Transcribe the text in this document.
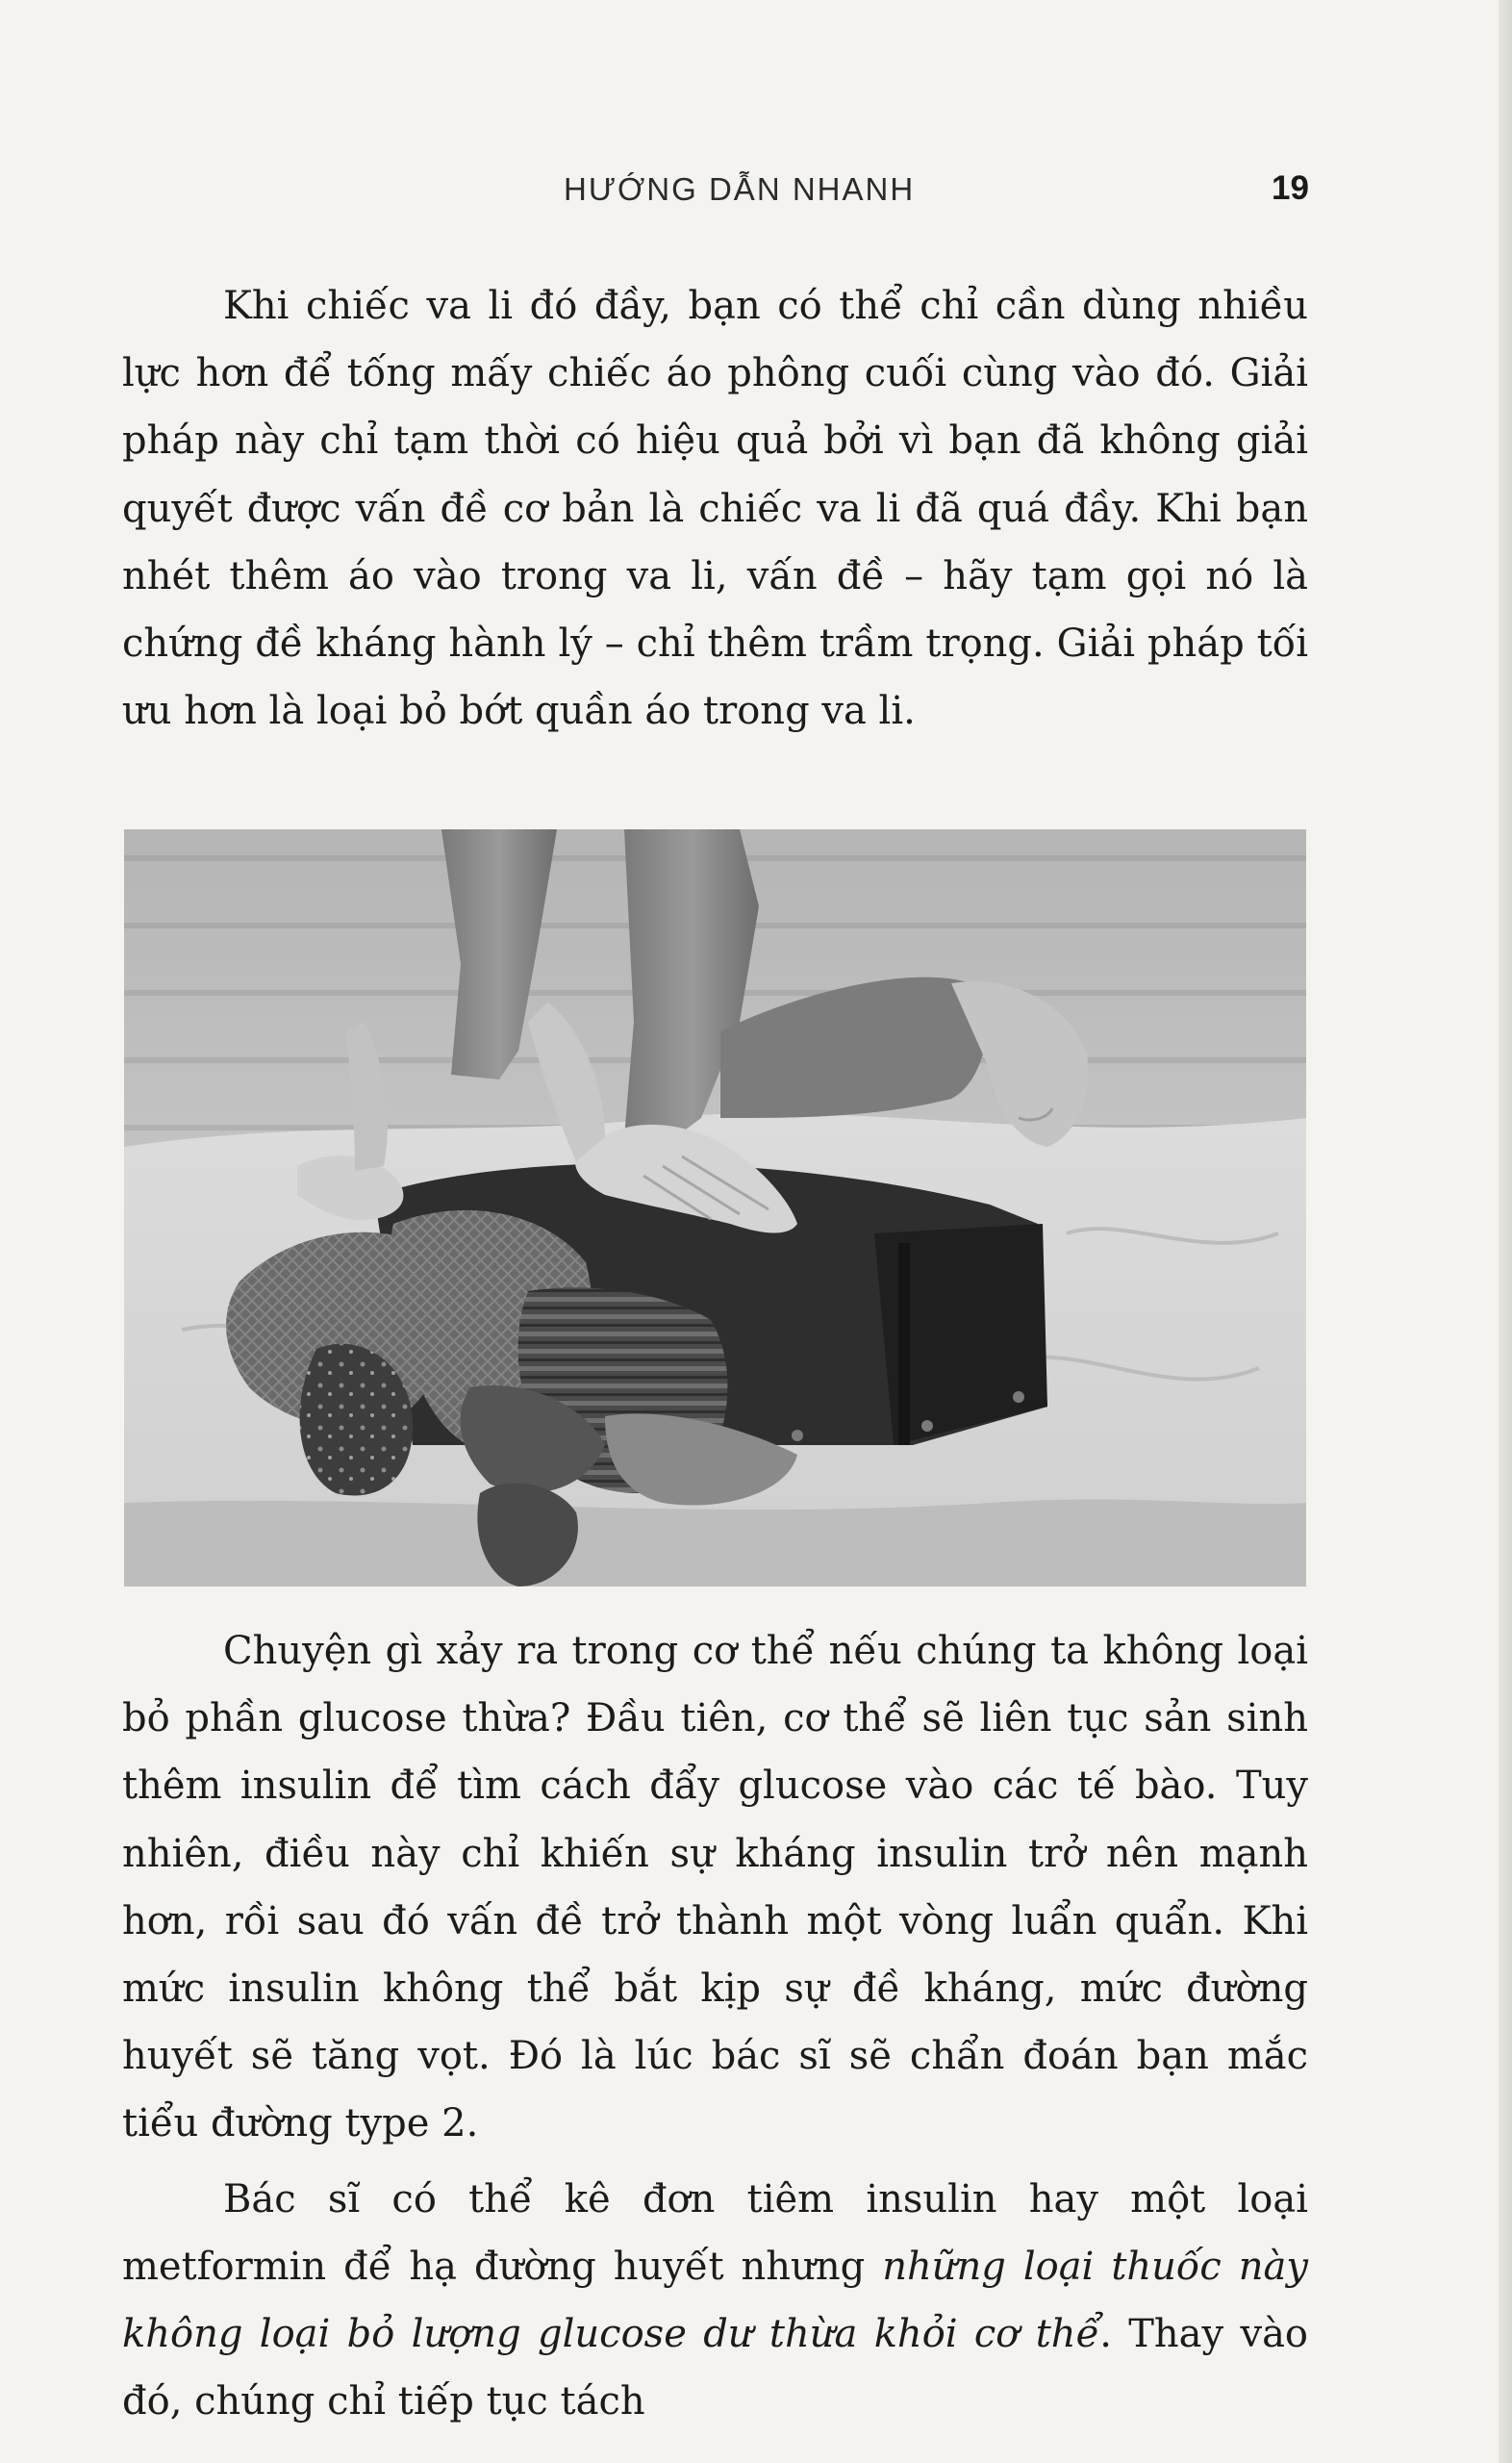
HƯỚNG DẪN NHANH	19

Khi chiếc va li đó đầy, bạn có thể chỉ cần dùng nhiều lực hơn để tống mấy chiếc áo phông cuối cùng vào đó. Giải pháp này chỉ tạm thời có hiệu quả bởi vì bạn đã không giải quyết được vấn đề cơ bản là chiếc va li đã quá đầy. Khi bạn nhét thêm áo vào trong va li, vấn đề – hãy tạm gọi nó là chứng đề kháng hành lý – chỉ thêm trầm trọng. Giải pháp tối ưu hơn là loại bỏ bớt quần áo trong va li.

Chuyện gì xảy ra trong cơ thể nếu chúng ta không loại bỏ phần glucose thừa? Đầu tiên, cơ thể sẽ liên tục sản sinh thêm insulin để tìm cách đẩy glucose vào các tế bào. Tuy nhiên, điều này chỉ khiến sự kháng insulin trở nên mạnh hơn, rồi sau đó vấn đề trở thành một vòng luẩn quẩn. Khi mức insulin không thể bắt kịp sự đề kháng, mức đường huyết sẽ tăng vọt. Đó là lúc bác sĩ sẽ chẩn đoán bạn mắc tiểu đường type 2.

Bác sĩ có thể kê đơn tiêm insulin hay một loại metformin để hạ đường huyết nhưng những loại thuốc này không loại bỏ lượng glucose dư thừa khỏi cơ thể. Thay vào đó, chúng chỉ tiếp tục tách
